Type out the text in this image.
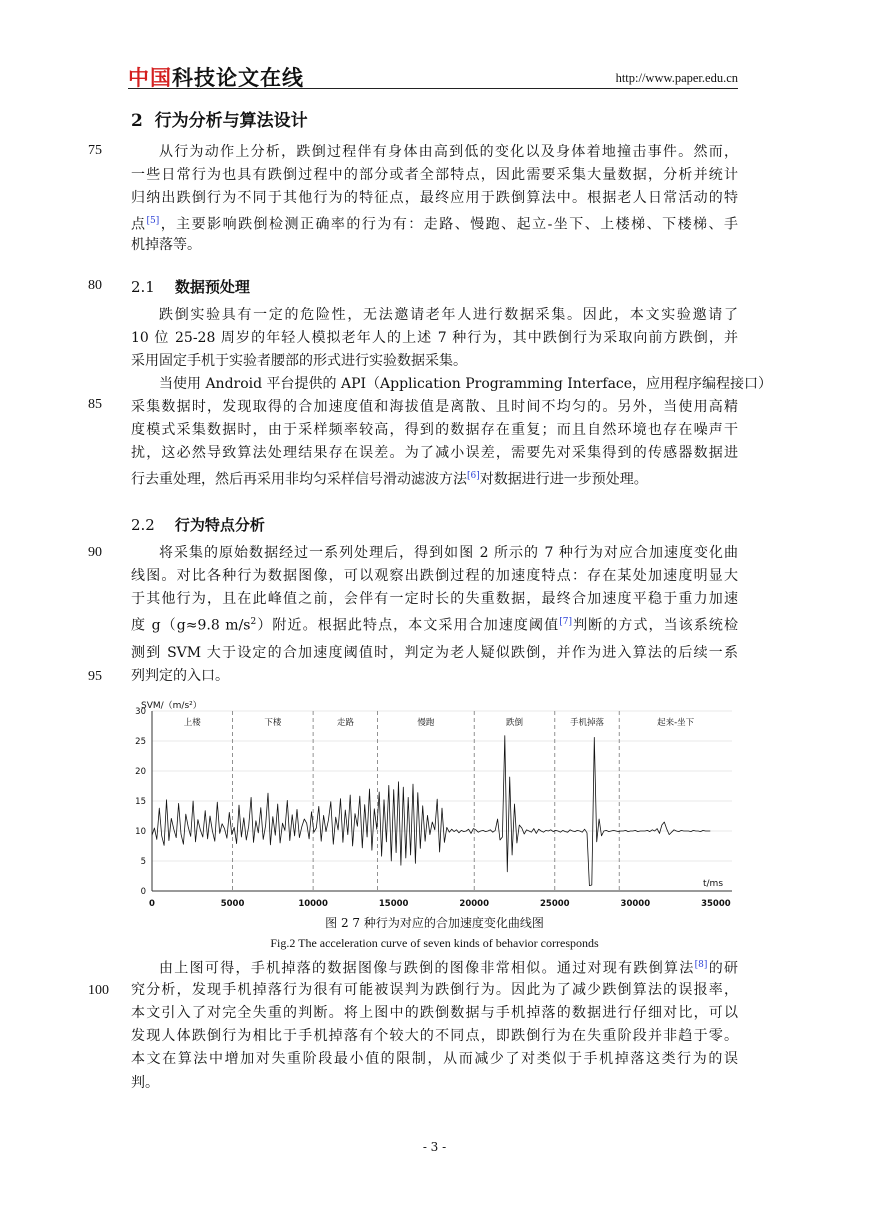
中国科技论文在线	http://www.paper.edu.cn
2 行为分析与算法设计
75	从行为动作上分析，跌倒过程伴有身体由高到低的变化以及身体着地撞击事件。然而，
一些日常行为也具有跌倒过程中的部分或者全部特点，因此需要采集大量数据，分析并统计
归纳出跌倒行为不同于其他行为的特征点，最终应用于跌倒算法中。根据老人日常活动的特
点[5]，主要影响跌倒检测正确率的行为有：走路、慢跑、起立-坐下、上楼梯、下楼梯、手
机掉落等。
80 2.1 数据预处理
跌倒实验具有一定的危险性，无法邀请老年人进行数据采集。因此，本文实验邀请了
10 位 25-28 周岁的年轻人模拟老年人的上述 7 种行为，其中跌倒行为采取向前方跌倒，并
采用固定手机于实验者腰部的形式进行实验数据采集。
当使用 Android 平台提供的 API（Application Programming Interface，应用程序编程接口）
85 采集数据时，发现取得的合加速度值和海拔值是离散、且时间不均匀的。另外，当使用高精
度模式采集数据时，由于采样频率较高，得到的数据存在重复；而且自然环境也存在噪声干
扰，这必然导致算法处理结果存在误差。为了减小误差，需要先对采集得到的传感器数据进
行去重处理，然后再采用非均匀采样信号滑动滤波方法[6]对数据进行进一步预处理。
2.2 行为特点分析
90	将采集的原始数据经过一系列处理后，得到如图 2 所示的 7 种行为对应合加速度变化曲
线图。对比各种行为数据图像，可以观察出跌倒过程的加速度特点：存在某处加速度明显大
于其他行为，且在此峰值之前，会伴有一定时长的失重数据，最终合加速度平稳于重力加速
度 g（g≈9.8 $m/s^2$）附近。根据此特点，本文采用合加速度阈值[7]判断的方式，当该系统检
测到 SVM 大于设定的合加速度阈值时，判定为老人疑似跌倒，并作为进入算法的后续一系
95 列判定的入口。
上楼	下楼	走路	慢跑	跌倒	手机掉落	起来-坐下
0
5
10
15
20
25
30
0	5000	10000	15000	20000	25000	30000	35000
SVM/（m/s²）
t/ms
图 2 7 种行为对应的合加速度变化曲线图
Fig.2 The acceleration curve of seven kinds of behavior corresponds
由上图可得，手机掉落的数据图像与跌倒的图像非常相似。通过对现有跌倒算法[8]的研
100 究分析，发现手机掉落行为很有可能被误判为跌倒行为。因此为了减少跌倒算法的误报率，
本文引入了对完全失重的判断。将上图中的跌倒数据与手机掉落的数据进行仔细对比，可以
发现人体跌倒行为相比于手机掉落有个较大的不同点，即跌倒行为在失重阶段并非趋于零。
本文在算法中增加对失重阶段最小值的限制，从而减少了对类似于手机掉落这类行为的误
判。
- 3 -
